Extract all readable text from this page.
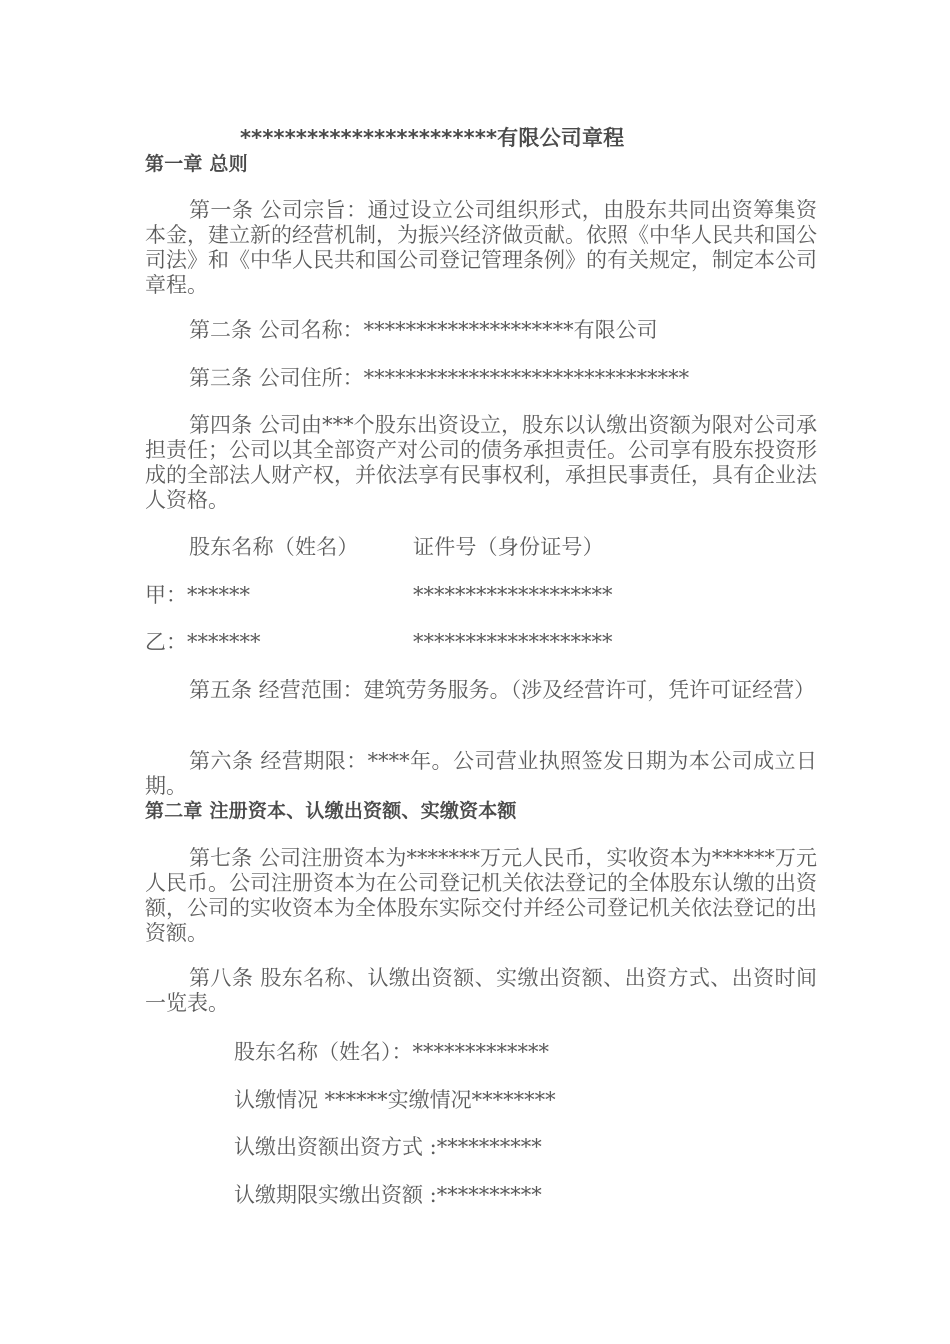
***********************有限公司章程
第一章 总则
第一条 公司宗旨：通过设立公司组织形式，由股东共同出资筹集资本金，建立新的经营机制，为振兴经济做贡献。依照《中华人民共和国公司法》和《中华人民共和国公司登记管理条例》的有关规定，制定本公司章程。
第二条 公司名称：********************有限公司
第三条 公司住所：*******************************
第四条 公司由***个股东出资设立，股东以认缴出资额为限对公司承担责任；公司以其全部资产对公司的债务承担责任。公司享有股东投资形成的全部法人财产权，并依法享有民事权利，承担民事责任，具有企业法人资格。
股东名称（姓名）	证件号（身份证号）
甲：******	*******************
乙：*******	*******************
第五条 经营范围：建筑劳务服务。（涉及经营许可，凭许可证经营）
第六条 经营期限：****年。公司营业执照签发日期为本公司成立日期。
第二章 注册资本、认缴出资额、实缴资本额
第七条 公司注册资本为*******万元人民币，实收资本为******万元人民币。公司注册资本为在公司登记机关依法登记的全体股东认缴的出资额，公司的实收资本为全体股东实际交付并经公司登记机关依法登记的出资额。
第八条 股东名称、认缴出资额、实缴出资额、出资方式、出资时间一览表。
股东名称（姓名）：*************
认缴情况 ******实缴情况********
认缴出资额出资方式 :**********
认缴期限实缴出资额 :**********
